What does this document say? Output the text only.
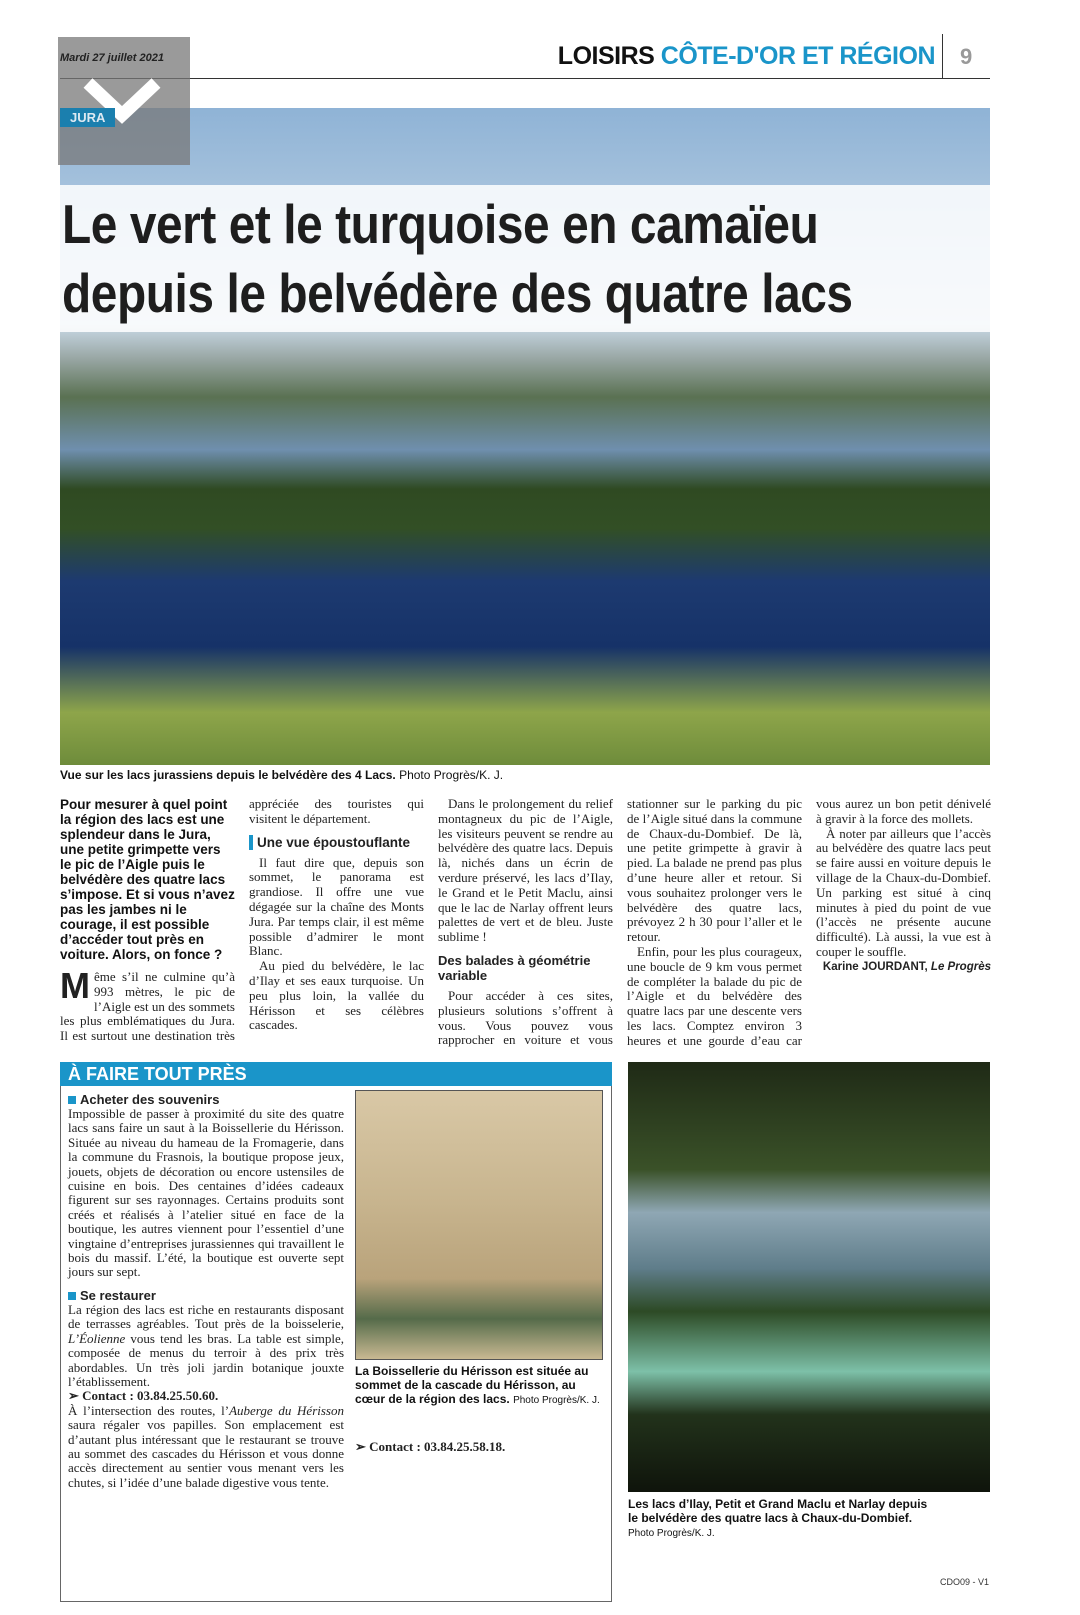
Mardi 27 juillet 2021	LOISIRS CÔTE-D'OR ET RÉGION 9
JURA
Le vert et le turquoise en camaïeu
depuis le belvédère des quatre lacs
Vue sur les lacs jurassiens depuis le belvédère des 4 Lacs. Photo Progrès/K. J.
Pour mesurer à quel point la région des lacs est une splendeur dans le Jura, une petite grimpette vers le pic de l’Aigle puis le belvédère des quatre lacs s’impose. Et si vous n’avez pas les jambes ni le courage, il est possible d’accéder tout près en voiture. Alors, on fonce ?

Même s’il ne culmine qu’à 993 mètres, le pic de l’Aigle est un des sommets les plus emblématiques du Jura. Il est surtout une destination très appréciée des touristes qui visitent le département.

Une vue époustouflante

Il faut dire que, depuis son sommet, le panorama est grandiose. Il offre une vue dégagée sur la chaîne des Monts Jura. Par temps clair, il est même possible d’admirer le mont Blanc.

Au pied du belvédère, le lac d’Ilay et ses eaux turquoise. Un peu plus loin, la vallée du Hérisson et ses célèbres cascades.

Dans le prolongement du relief montagneux du pic de l’Aigle, les visiteurs peuvent se rendre au belvédère des quatre lacs. Depuis là, nichés dans un écrin de verdure préservé, les lacs d’Ilay, le Grand et le Petit Maclu, ainsi que le lac de Narlay offrent leurs palettes de vert et de bleu. Juste sublime !

Des balades à géométrie variable

Pour accéder à ces sites, plusieurs solutions s’offrent à vous. Vous pouvez vous rapprocher en voiture et vous stationner sur le parking du pic de l’Aigle situé dans la commune de Chaux-du-Dombief. De là, une petite grimpette à gravir à pied. La balade ne prend pas plus d’une heure aller et retour. Si vous souhaitez prolonger vers le belvédère des quatre lacs, prévoyez 2 h 30 pour l’aller et le retour.

Enfin, pour les plus courageux, une boucle de 9 km vous permet de compléter la balade du pic de l’Aigle et du belvédère des quatre lacs par une descente vers les lacs. Comptez environ 3 heures et une gourde d’eau car vous aurez un bon petit dénivelé à gravir à la force des mollets.

À noter par ailleurs que l’accès au belvédère des quatre lacs peut se faire aussi en voiture depuis le village de la Chaux-du-Dombief. Un parking est situé à cinq minutes à pied du point de vue (l’accès ne présente aucune difficulté). Là aussi, la vue est à couper le souffle.

Karine JOURDANT, Le Progrès
À FAIRE TOUT PRÈS
Acheter des souvenirs

Impossible de passer à proximité du site des quatre lacs sans faire un saut à la Boissellerie du Hérisson. Située au niveau du hameau de la Fromagerie, dans la commune du Frasnois, la boutique propose jeux, jouets, objets de décoration ou encore ustensiles de cuisine en bois. Des centaines d’idées cadeaux figurent sur ses rayonnages. Certains produits sont créés et réalisés à l’atelier situé en face de la boutique, les autres viennent pour l’essentiel d’une vingtaine d’entreprises jurassiennes qui travaillent le bois du massif. L’été, la boutique est ouverte sept jours sur sept.

Se restaurer

La région des lacs est riche en restaurants disposant de terrasses agréables. Tout près de la boisselerie, L’Éolienne vous tend les bras. La table est simple, composée de menus du terroir à des prix très abordables. Un très joli jardin botanique jouxte l’établissement.

➢ Contact : 03.84.25.50.60.

À l’intersection des routes, l’Auberge du Hérisson saura régaler vos papilles. Son emplacement est d’autant plus intéressant que le restaurant se trouve au sommet des cascades du Hérisson et vous donne accès directement au sentier vous menant vers les chutes, si l’idée d’une balade digestive vous tente.

La Boissellerie du Hérisson est située au sommet de la cascade du Hérisson, au cœur de la région des lacs. Photo Progrès/K. J.
➢ Contact : 03.84.25.58.18.
Les lacs d’Ilay, Petit et Grand Maclu et Narlay depuis le belvédère des quatre lacs à Chaux-du-Dombief.
Photo Progrès/K. J.
CDO09 - V1
